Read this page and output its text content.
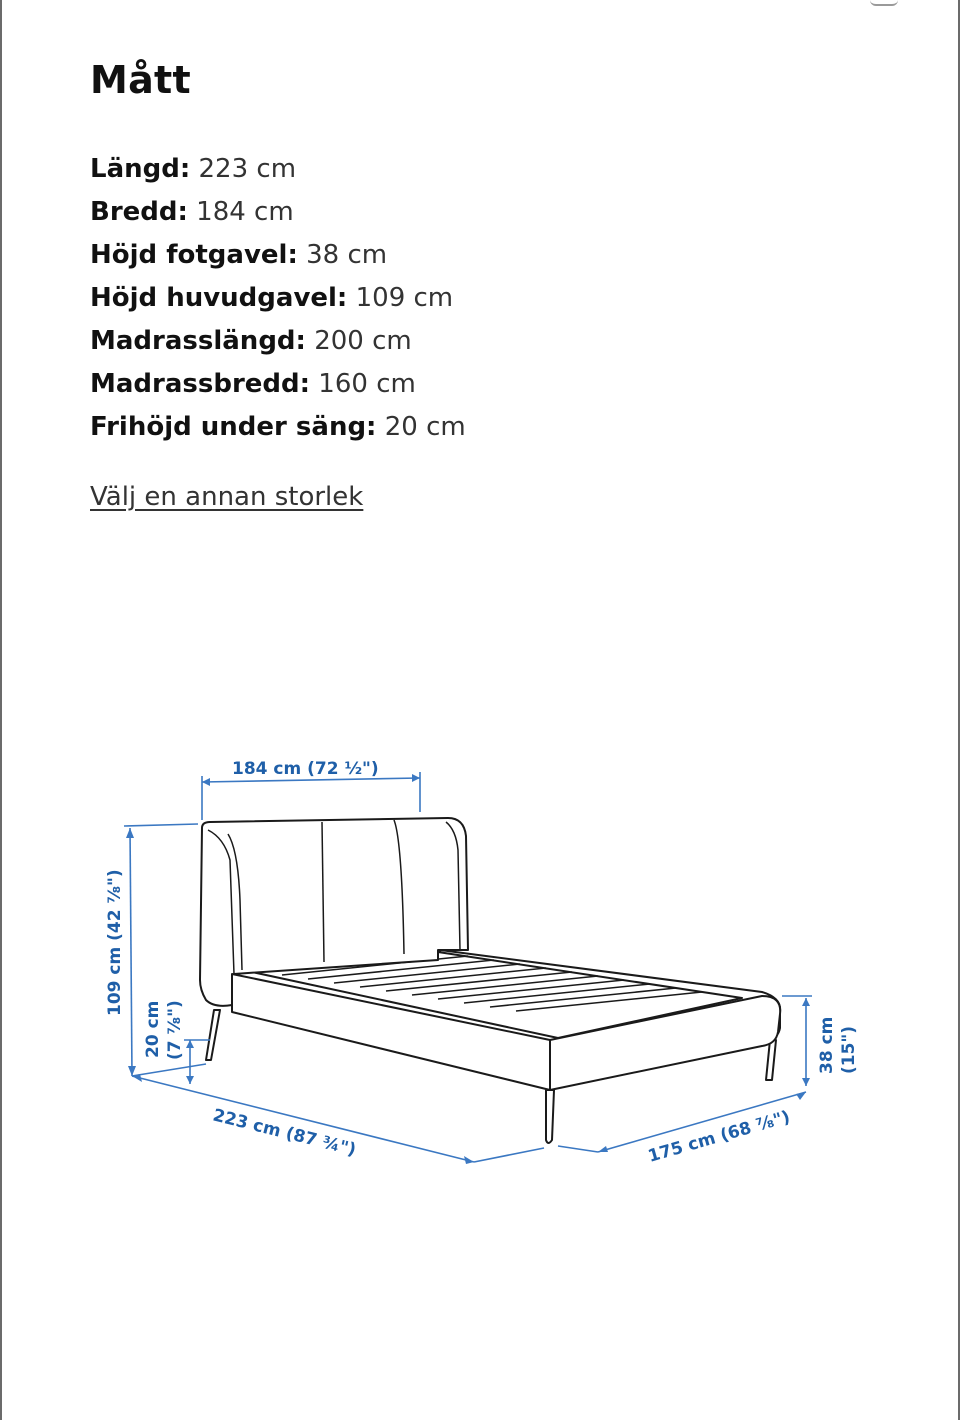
Mått
Längd: 223 cm
Bredd: 184 cm
Höjd fotgavel: 38 cm
Höjd huvudgavel: 109 cm
Madrasslängd: 200 cm
Madrassbredd: 160 cm
Frihöjd under säng: 20 cm
Välj en annan storlek
184 cm (72 ½")
109 cm (42 ⅞")
20 cm (7 ⅞")	38 cm (15")
223 cm (87 ¾")	175 cm (68 ⅞")
